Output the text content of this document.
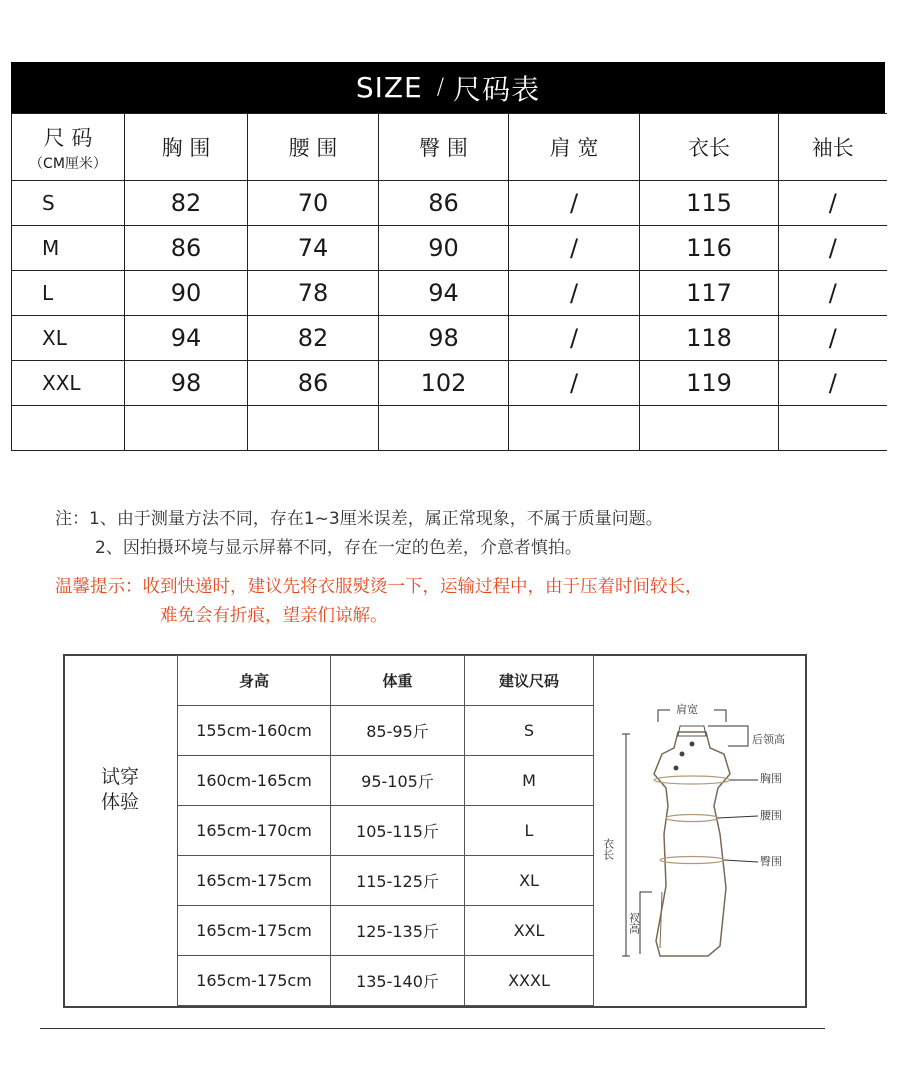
SIZE / 尺码表
尺 码
（CM厘米）	胸 围	腰 围	臀 围	肩 宽	衣长	袖长
S	82	70	86	/	115	/
M	86	74	90	/	116	/
L	90	78	94	/	117	/
XL	94	82	98	/	118	/
XXL	98	86	102	/	119	/

注：1、由于测量方法不同，存在1~3厘米误差，属正常现象，不属于质量问题。
2、因拍摄环境与显示屏幕不同，存在一定的色差，介意者慎拍。
温馨提示：收到快递时，建议先将衣服熨烫一下，运输过程中，由于压着时间较长，
难免会有折痕，望亲们谅解。
试穿体验
身高	体重	建议尺码
155cm-160cm	85-95斤	S
160cm-165cm	95-105斤	M
165cm-170cm	105-115斤	L
165cm-175cm	115-125斤	XL
165cm-175cm	125-135斤	XXL
165cm-175cm	135-140斤	XXXL
肩宽
后领高
胸围
腰围
臀围
衣长
衩高
